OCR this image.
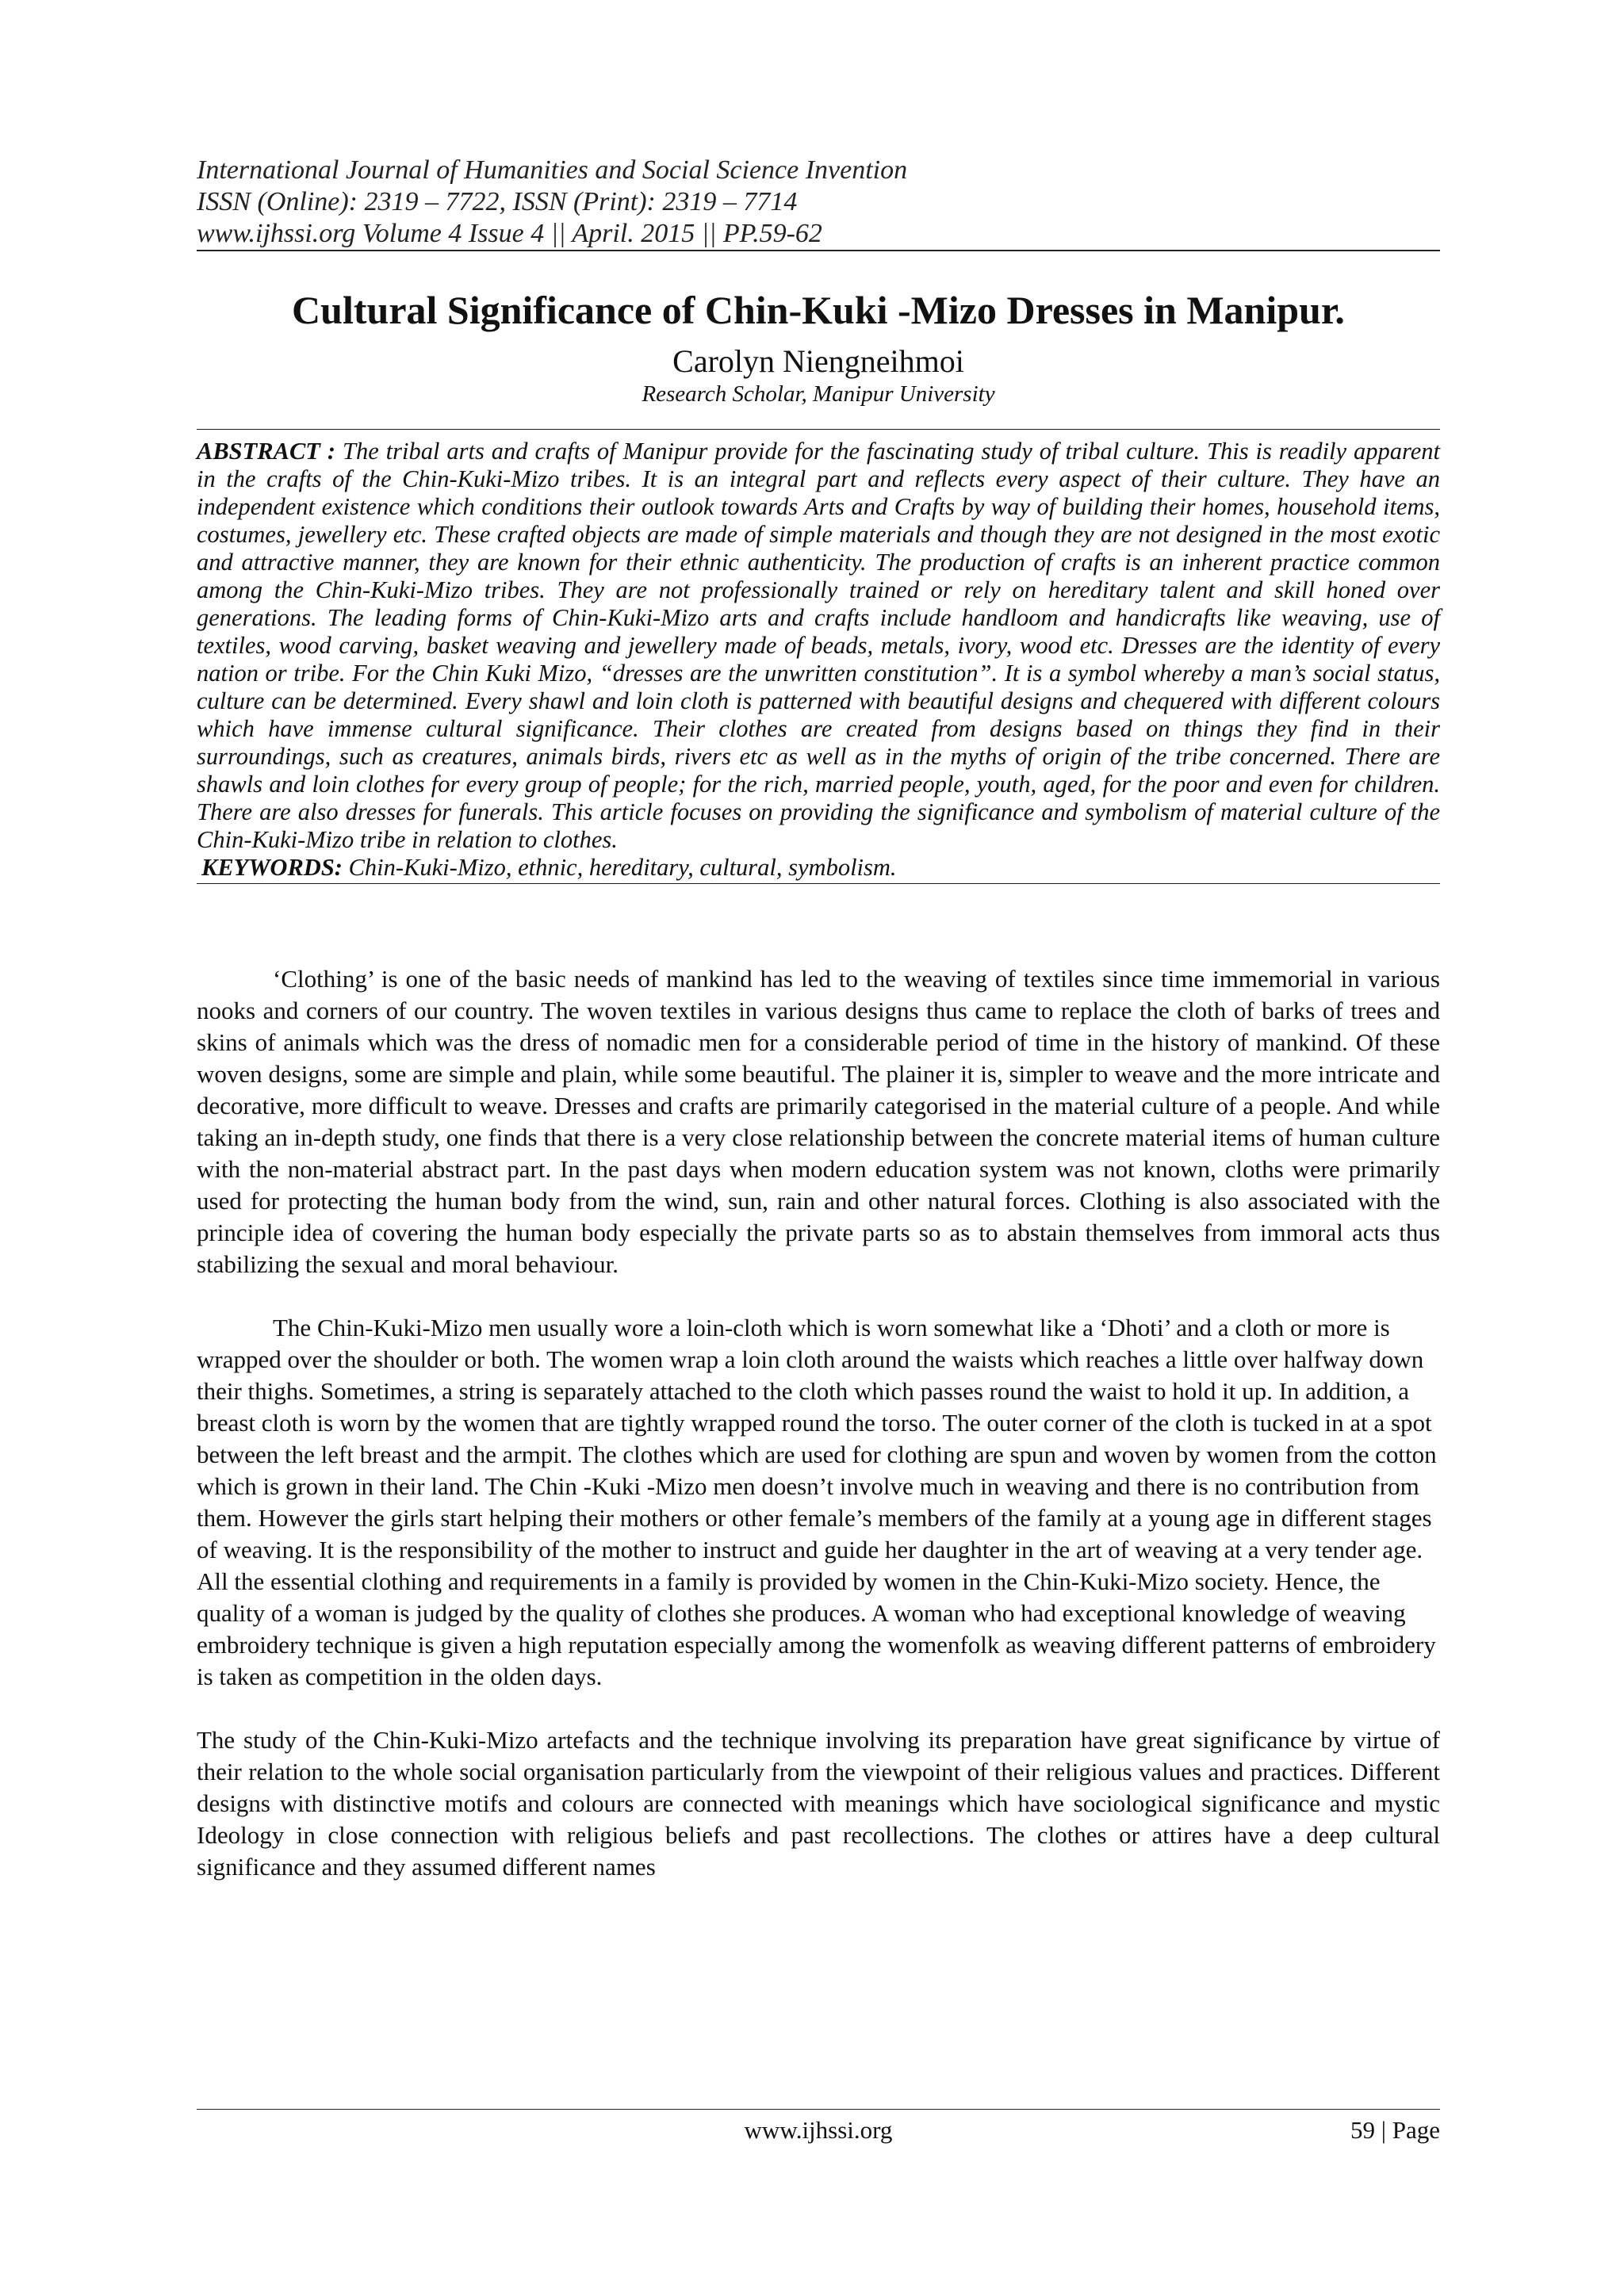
International Journal of Humanities and Social Science Invention
ISSN (Online): 2319 – 7722, ISSN (Print): 2319 – 7714
www.ijhssi.org Volume 4 Issue 4 || April. 2015 || PP.59-62
Cultural Significance of Chin-Kuki -Mizo Dresses in Manipur.
Carolyn Niengneihmoi
Research Scholar, Manipur University

ABSTRACT : The tribal arts and crafts of Manipur provide for the fascinating study of tribal culture. This is readily apparent in the crafts of the Chin-Kuki-Mizo tribes. It is an integral part and reflects every aspect of their culture. They have an independent existence which conditions their outlook towards Arts and Crafts by way of building their homes, household items, costumes, jewellery etc. These crafted objects are made of simple materials and though they are not designed in the most exotic and attractive manner, they are known for their ethnic authenticity. The production of crafts is an inherent practice common among the Chin-Kuki-Mizo tribes. They are not professionally trained or rely on hereditary talent and skill honed over generations. The leading forms of Chin-Kuki-Mizo arts and crafts include handloom and handicrafts like weaving, use of textiles, wood carving, basket weaving and jewellery made of beads, metals, ivory, wood etc. Dresses are the identity of every nation or tribe. For the Chin Kuki Mizo, “dresses are the unwritten constitution”. It is a symbol whereby a man’s social status, culture can be determined. Every shawl and loin cloth is patterned with beautiful designs and chequered with different colours which have immense cultural significance. Their clothes are created from designs based on things they find in their surroundings, such as creatures, animals birds, rivers etc as well as in the myths of origin of the tribe concerned. There are shawls and loin clothes for every group of people; for the rich, married people, youth, aged, for the poor and even for children. There are also dresses for funerals. This article focuses on providing the significance and symbolism of material culture of the Chin-Kuki-Mizo tribe in relation to clothes.

KEYWORDS: Chin-Kuki-Mizo, ethnic, hereditary, cultural, symbolism.

‘Clothing’ is one of the basic needs of mankind has led to the weaving of textiles since time immemorial in various nooks and corners of our country. The woven textiles in various designs thus came to replace the cloth of barks of trees and skins of animals which was the dress of nomadic men for a considerable period of time in the history of mankind. Of these woven designs, some are simple and plain, while some beautiful. The plainer it is, simpler to weave and the more intricate and decorative, more difficult to weave. Dresses and crafts are primarily categorised in the material culture of a people. And while taking an in-depth study, one finds that there is a very close relationship between the concrete material items of human culture with the non-material abstract part. In the past days when modern education system was not known, cloths were primarily used for protecting the human body from the wind, sun, rain and other natural forces. Clothing is also associated with the principle idea of covering the human body especially the private parts so as to abstain themselves from immoral acts thus stabilizing the sexual and moral behaviour.

The Chin-Kuki-Mizo men usually wore a loin-cloth which is worn somewhat like a ‘Dhoti’ and a cloth or more is wrapped over the shoulder or both. The women wrap a loin cloth around the waists which reaches a little over halfway down their thighs. Sometimes, a string is separately attached to the cloth which passes round the waist to hold it up. In addition, a breast cloth is worn by the women that are tightly wrapped round the torso. The outer corner of the cloth is tucked in at a spot between the left breast and the armpit. The clothes which are used for clothing are spun and woven by women from the cotton which is grown in their land. The Chin -Kuki -Mizo men doesn’t involve much in weaving and there is no contribution from them. However the girls start helping their mothers or other female’s members of the family at a young age in different stages of weaving. It is the responsibility of the mother to instruct and guide her daughter in the art of weaving at a very tender age. All the essential clothing and requirements in a family is provided by women in the Chin-Kuki-Mizo society. Hence, the quality of a woman is judged by the quality of clothes she produces. A woman who had exceptional knowledge of weaving embroidery technique is given a high reputation especially among the womenfolk as weaving different patterns of embroidery is taken as competition in the olden days.

The study of the Chin-Kuki-Mizo artefacts and the technique involving its preparation have great significance by virtue of their relation to the whole social organisation particularly from the viewpoint of their religious values and practices. Different designs with distinctive motifs and colours are connected with meanings which have sociological significance and mystic Ideology in close connection with religious beliefs and past recollections. The clothes or attires have a deep cultural significance and they assumed different names

www.ijhssi.org	59 | Page
